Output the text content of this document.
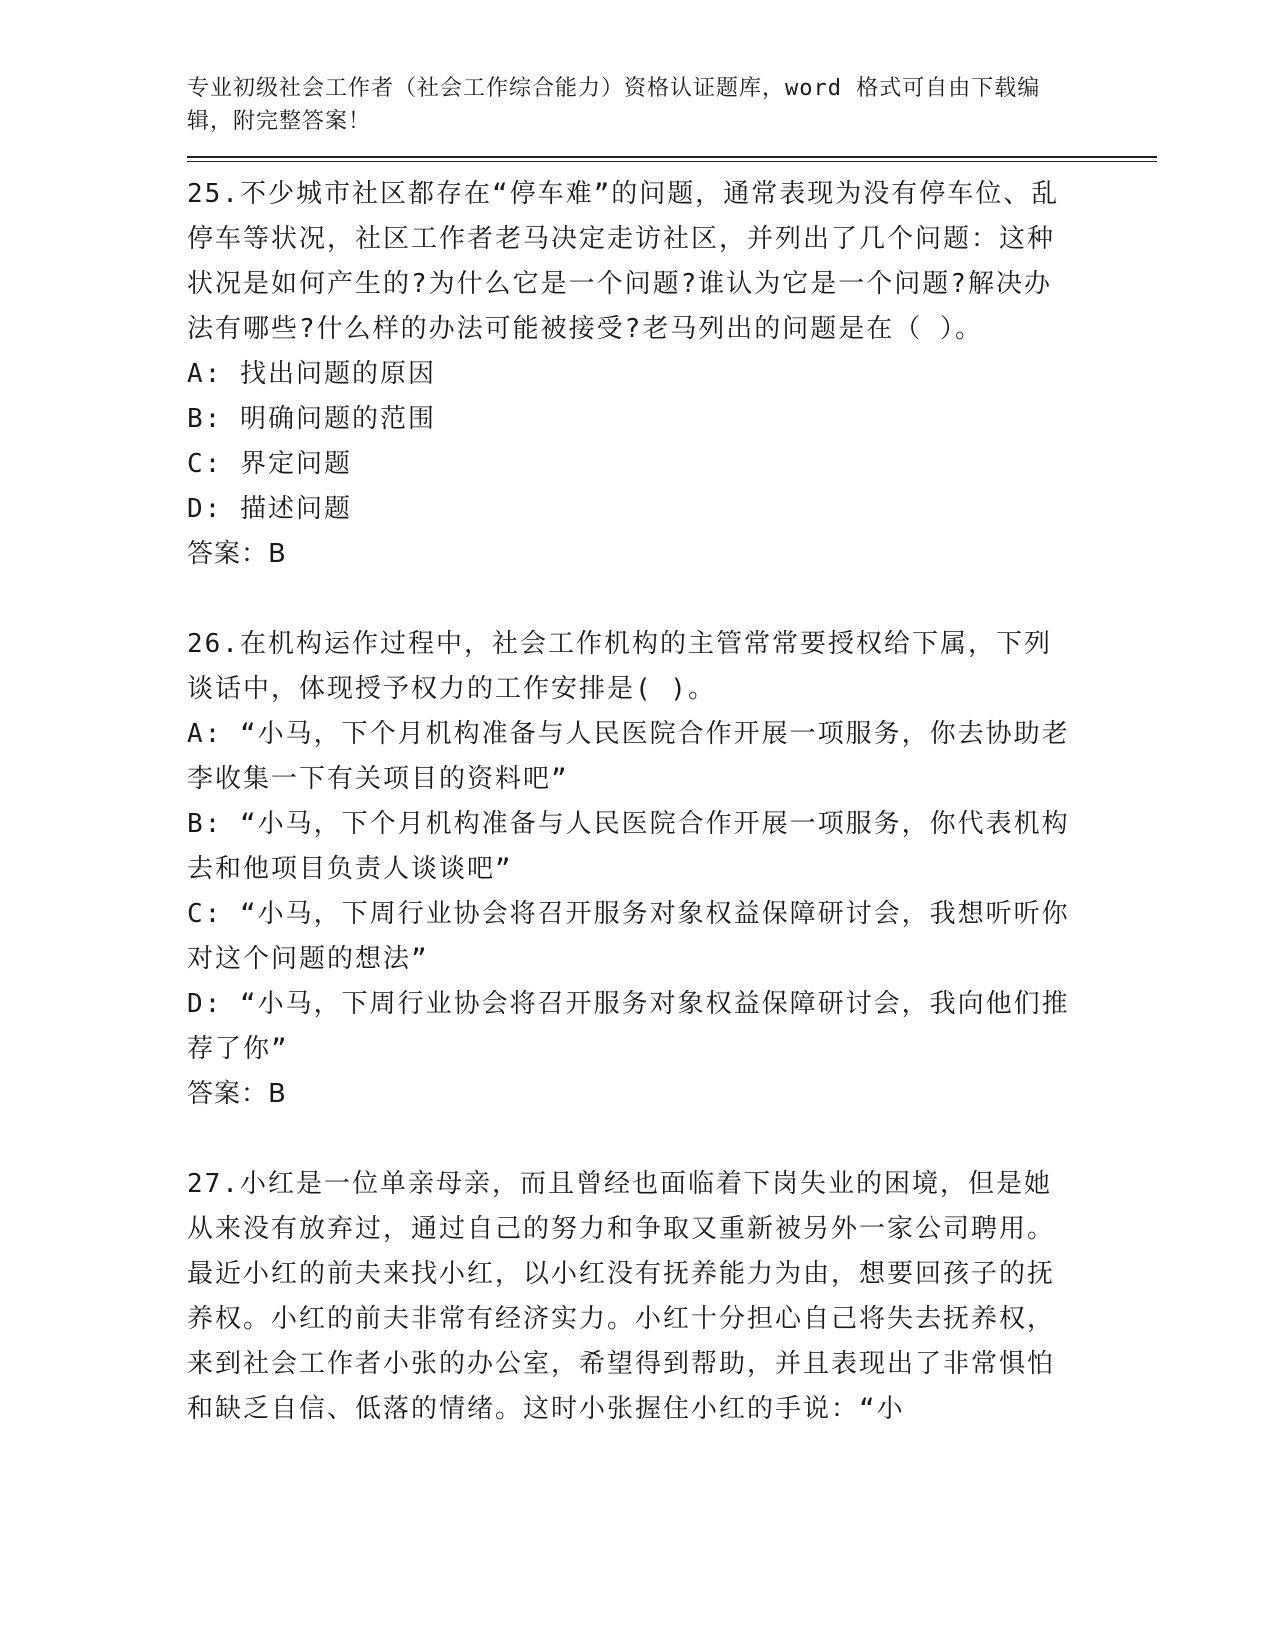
专业初级社会工作者（社会工作综合能力）资格认证题库，word 格式可自由下载编辑，附完整答案！

25.不少城市社区都存在“停车难”的问题，通常表现为没有停车位、乱停车等状况，社区工作者老马决定走访社区，并列出了几个问题：这种状况是如何产生的?为什么它是一个问题?谁认为它是一个问题?解决办法有哪些?什么样的办法可能被接受?老马列出的问题是在（ ）。

A: 找出问题的原因

B: 明确问题的范围

C: 界定问题

D: 描述问题

答案：B

26.在机构运作过程中，社会工作机构的主管常常要授权给下属，下列谈话中，体现授予权力的工作安排是( )。

A: “小马，下个月机构准备与人民医院合作开展一项服务，你去协助老李收集一下有关项目的资料吧”

B: “小马，下个月机构准备与人民医院合作开展一项服务，你代表机构去和他项目负责人谈谈吧”

C: “小马，下周行业协会将召开服务对象权益保障研讨会，我想听听你对这个问题的想法”

D: “小马，下周行业协会将召开服务对象权益保障研讨会，我向他们推荐了你”

答案：B

27.小红是一位单亲母亲，而且曾经也面临着下岗失业的困境，但是她从来没有放弃过，通过自己的努力和争取又重新被另外一家公司聘用。最近小红的前夫来找小红，以小红没有抚养能力为由，想要回孩子的抚养权。小红的前夫非常有经济实力。小红十分担心自己将失去抚养权，来到社会工作者小张的办公室，希望得到帮助，并且表现出了非常惧怕和缺乏自信、低落的情绪。这时小张握住小红的手说：“小
